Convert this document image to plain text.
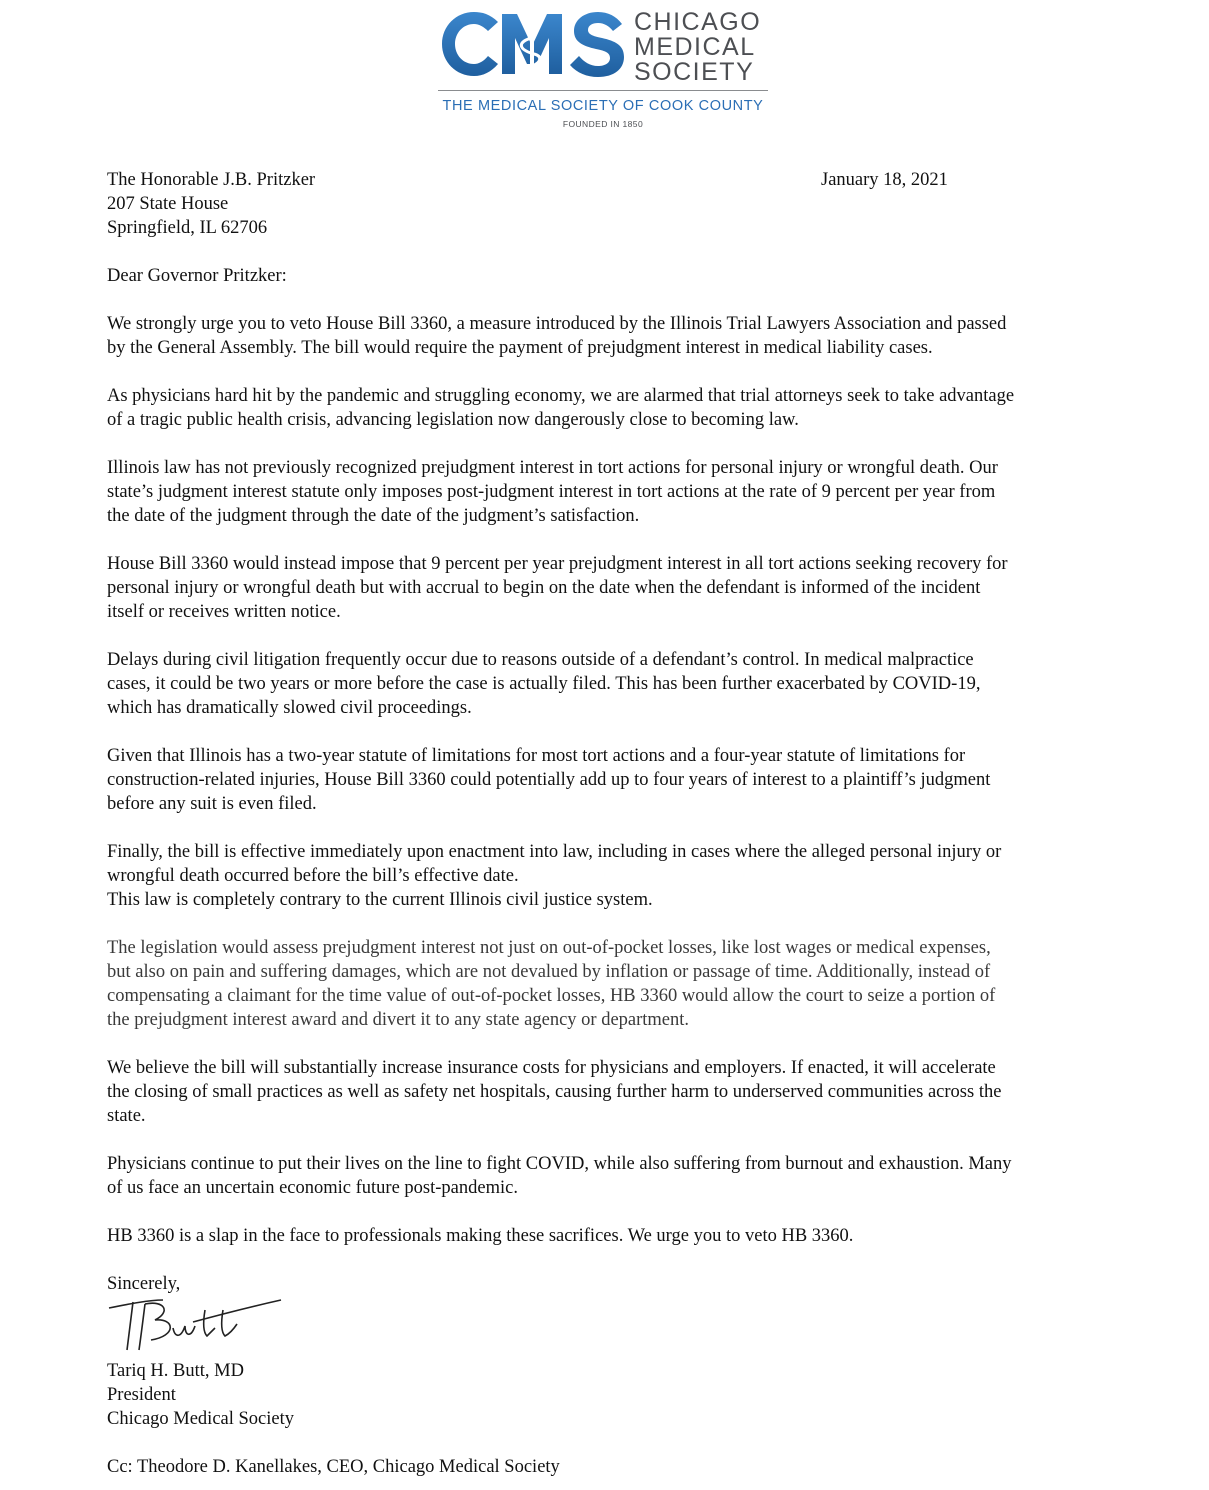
CHICAGO
MEDICAL
SOCIETY
THE MEDICAL SOCIETY OF COOK COUNTY
FOUNDED IN 1850
The Honorable J.B. Pritzker
207 State House
Springfield, IL 62706
January 18, 2021

Dear Governor Pritzker:

We strongly urge you to veto House Bill 3360, a measure introduced by the Illinois Trial Lawyers Association and passed
by the General Assembly. The bill would require the payment of prejudgment interest in medical liability cases.

As physicians hard hit by the pandemic and struggling economy, we are alarmed that trial attorneys seek to take advantage
of a tragic public health crisis, advancing legislation now dangerously close to becoming law.

Illinois law has not previously recognized prejudgment interest in tort actions for personal injury or wrongful death. Our
state’s judgment interest statute only imposes post-judgment interest in tort actions at the rate of 9 percent per year from
the date of the judgment through the date of the judgment’s satisfaction.

House Bill 3360 would instead impose that 9 percent per year prejudgment interest in all tort actions seeking recovery for
personal injury or wrongful death but with accrual to begin on the date when the defendant is informed of the incident
itself or receives written notice.

Delays during civil litigation frequently occur due to reasons outside of a defendant’s control. In medical malpractice
cases, it could be two years or more before the case is actually filed. This has been further exacerbated by COVID-19,
which has dramatically slowed civil proceedings.

Given that Illinois has a two-year statute of limitations for most tort actions and a four-year statute of limitations for
construction-related injuries, House Bill 3360 could potentially add up to four years of interest to a plaintiff’s judgment
before any suit is even filed.

Finally, the bill is effective immediately upon enactment into law, including in cases where the alleged personal injury or
wrongful death occurred before the bill’s effective date.
This law is completely contrary to the current Illinois civil justice system.

The legislation would assess prejudgment interest not just on out-of-pocket losses, like lost wages or medical expenses,
but also on pain and suffering damages, which are not devalued by inflation or passage of time. Additionally, instead of
compensating a claimant for the time value of out-of-pocket losses, HB 3360 would allow the court to seize a portion of
the prejudgment interest award and divert it to any state agency or department.

We believe the bill will substantially increase insurance costs for physicians and employers. If enacted, it will accelerate
the closing of small practices as well as safety net hospitals, causing further harm to underserved communities across the
state.

Physicians continue to put their lives on the line to fight COVID, while also suffering from burnout and exhaustion. Many
of us face an uncertain economic future post-pandemic.

HB 3360 is a slap in the face to professionals making these sacrifices. We urge you to veto HB 3360.

Sincerely,

Tariq H. Butt, MD
President
Chicago Medical Society
Cc: Theodore D. Kanellakes, CEO, Chicago Medical Society
